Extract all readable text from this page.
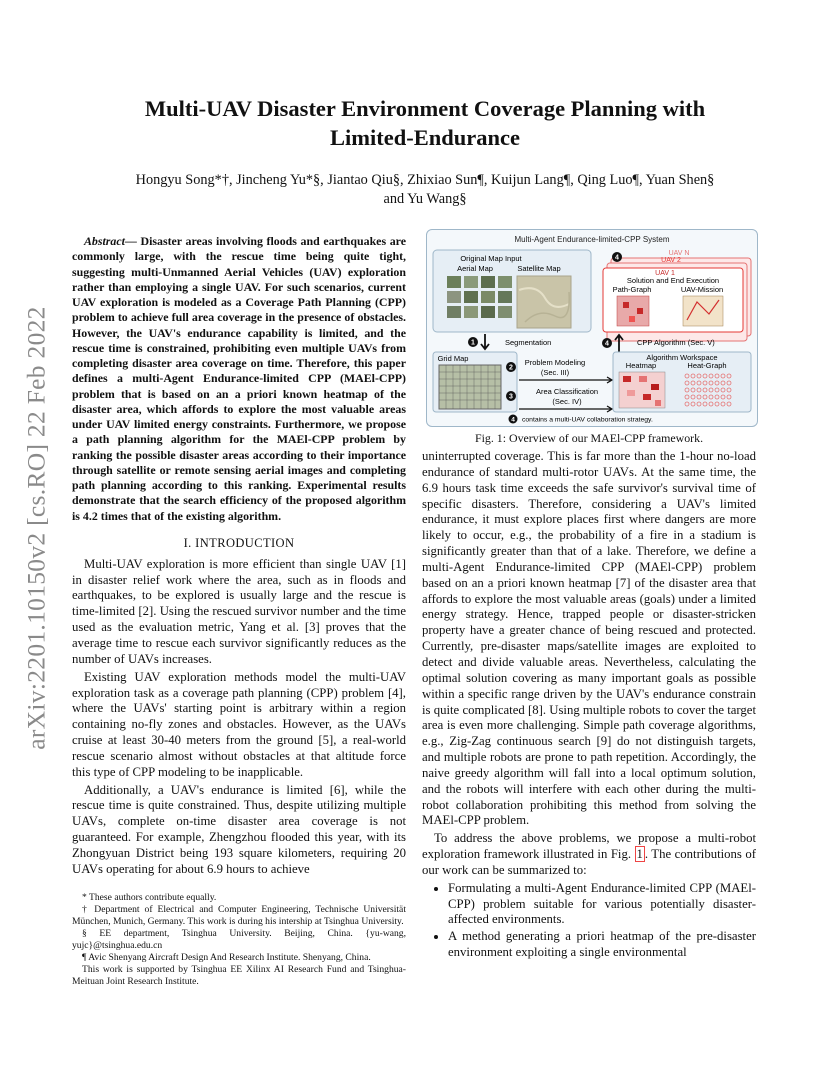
arXiv:2201.10150v2 [cs.RO] 22 Feb 2022
Multi-UAV Disaster Environment Coverage Planning with
Limited-Endurance
Hongyu Song*†, Jincheng Yu*§, Jiantao Qiu§, Zhixiao Sun¶, Kuijun Lang¶, Qing Luo¶, Yuan Shen§
and Yu Wang§

Abstract— Disaster areas involving floods and earthquakes are commonly large, with the rescue time being quite tight, suggesting multi-Unmanned Aerial Vehicles (UAV) exploration rather than employing a single UAV. For such scenarios, current UAV exploration is modeled as a Coverage Path Planning (CPP) problem to achieve full area coverage in the presence of obstacles. However, the UAV's endurance capability is limited, and the rescue time is constrained, prohibiting even multiple UAVs from completing disaster area coverage on time. Therefore, this paper defines a multi-Agent Endurance-limited CPP (MAEl-CPP) problem that is based on an a priori known heatmap of the disaster area, which affords to explore the most valuable areas under UAV limited energy constraints. Furthermore, we propose a path planning algorithm for the MAEl-CPP problem by ranking the possible disaster areas according to their importance through satellite or remote sensing aerial images and completing path planning according to this ranking. Experimental results demonstrate that the search efficiency of the proposed algorithm is 4.2 times that of the existing algorithm.

I. INTRODUCTION

Multi-UAV exploration is more efficient than single UAV [1] in disaster relief work where the area, such as in floods and earthquakes, to be explored is usually large and the rescue is time-limited [2]. Using the rescued survivor number and the time used as the evaluation metric, Yang et al. [3] proves that the average time to rescue each survivor significantly reduces as the number of UAVs increases.

Existing UAV exploration methods model the multi-UAV exploration task as a coverage path planning (CPP) problem [4], where the UAVs' starting point is arbitrary within a region containing no-fly zones and obstacles. However, as the UAVs cruise at least 30-40 meters from the ground [5], a real-world rescue scenario almost without obstacles at that altitude force this type of CPP modeling to be inapplicable.

Additionally, a UAV's endurance is limited [6], while the rescue time is quite constrained. Thus, despite utilizing multiple UAVs, complete on-time disaster area coverage is not guaranteed. For example, Zhengzhou flooded this year, with its Zhongyuan District being 193 square kilometers, requiring 20 UAVs operating for about 6.9 hours to achieve

* These authors contribute equally.

† Department of Electrical and Computer Engineering, Technische Universität München, Munich, Germany. This work is during his intership at Tsinghua University.

§ EE department, Tsinghua University. Beijing, China. {yu-wang, yujc}@tsinghua.edu.cn

¶ Avic Shenyang Aircraft Design And Research Institute. Shenyang, China.

This work is supported by Tsinghua EE Xilinx AI Research Fund and Tsinghua-Meituan Joint Research Institute.

Multi-Agent Endurance-limited-CPP System
Original Map Input
Aerial Map	Satellite Map
1	Segmentation
Grid Map
2
Problem Modeling
(Sec. III)
3
Area Classification
(Sec. IV)
UAV N
UAV 2
UAV 1
Solution and End Execution
Path-Graph	UAV-Mission
4
4	CPP Algorithm (Sec. V)
Algorithm Workspace
Heatmap	Heat-Graph
4 contains a multi-UAV collaboration strategy.
Fig. 1: Overview of our MAEl-CPP framework.

uninterrupted coverage. This is far more than the 1-hour no-load endurance of standard multi-rotor UAVs. At the same time, the 6.9 hours task time exceeds the safe survivor's survival time of specific disasters. Therefore, considering a UAV's limited endurance, it must explore places first where dangers are more likely to occur, e.g., the probability of a fire in a stadium is significantly greater than that of a lake. Therefore, we define a multi-Agent Endurance-limited CPP (MAEl-CPP) problem based on an a priori known heatmap [7] of the disaster area that affords to explore the most valuable areas (goals) under a limited energy strategy. Hence, trapped people or disaster-stricken property have a greater chance of being rescued and protected. Currently, pre-disaster maps/satellite images are exploited to detect and divide valuable areas. Nevertheless, calculating the optimal solution covering as many important goals as possible within a specific range driven by the UAV's endurance constrain is quite complicated [8]. Using multiple robots to cover the target area is even more challenging. Simple path coverage algorithms, e.g., Zig-Zag continuous search [9] do not distinguish targets, and multiple robots are prone to path repetition. Accordingly, the naive greedy algorithm will fall into a local optimum solution, and the robots will interfere with each other during the multi-robot collaboration prohibiting this method from solving the MAEl-CPP problem.

To address the above problems, we propose a multi-robot exploration framework illustrated in Fig. 1 . The contributions of our work can be summarized to:

• Formulating a multi-Agent Endurance-limited CPP (MAEl-CPP) problem suitable for various potentially disaster-affected environments.
• A method generating a priori heatmap of the pre-disaster environment exploiting a single environmental
